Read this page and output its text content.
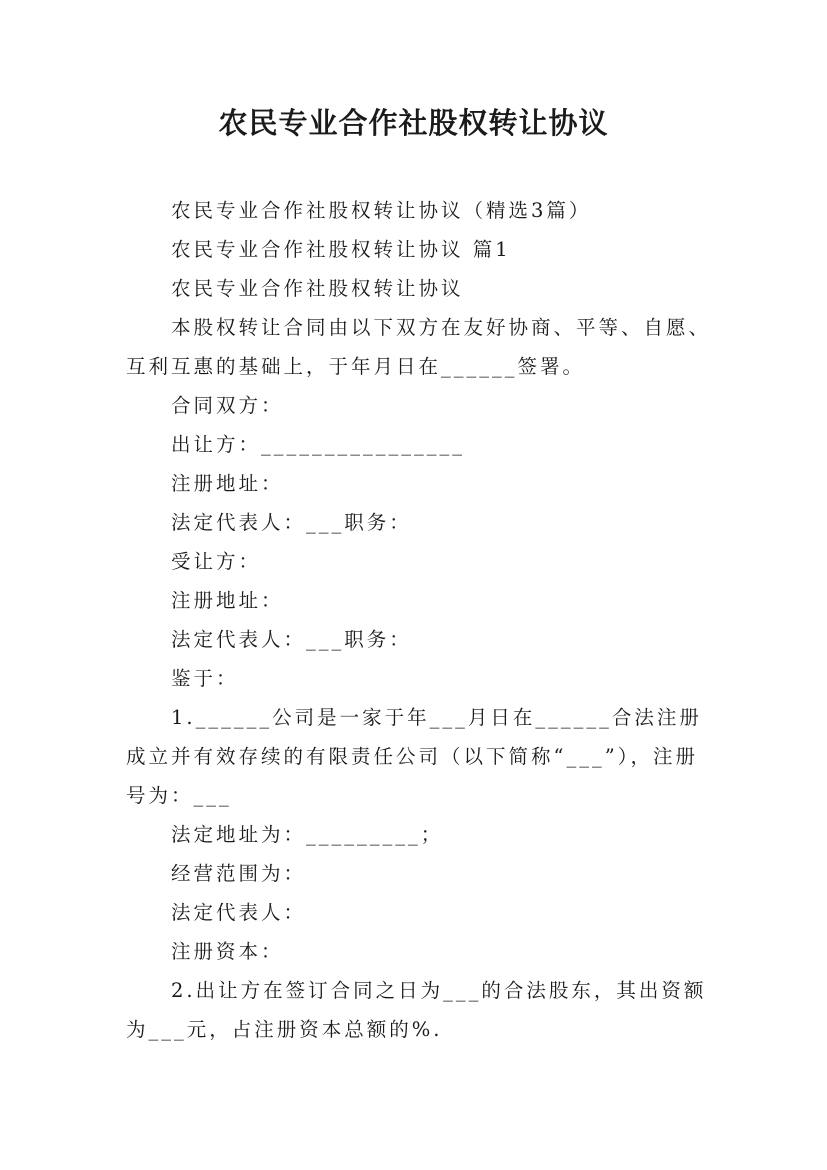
农民专业合作社股权转让协议

农民专业合作社股权转让协议（精选3篇）

农民专业合作社股权转让协议 篇1

农民专业合作社股权转让协议

本股权转让合同由以下双方在友好协商、平等、自愿、互利互惠的基础上，于年月日在______签署。

合同双方：

出让方：________________

注册地址：

法定代表人：___职务：

受让方：

注册地址：

法定代表人：___职务：

鉴于：

1.______公司是一家于年___月日在______合法注册成立并有效存续的有限责任公司（以下简称“___”），注册号为：___

法定地址为：_________；

经营范围为：

法定代表人：

注册资本：

2.出让方在签订合同之日为___的合法股东，其出资额为___元，占注册资本总额的%.
